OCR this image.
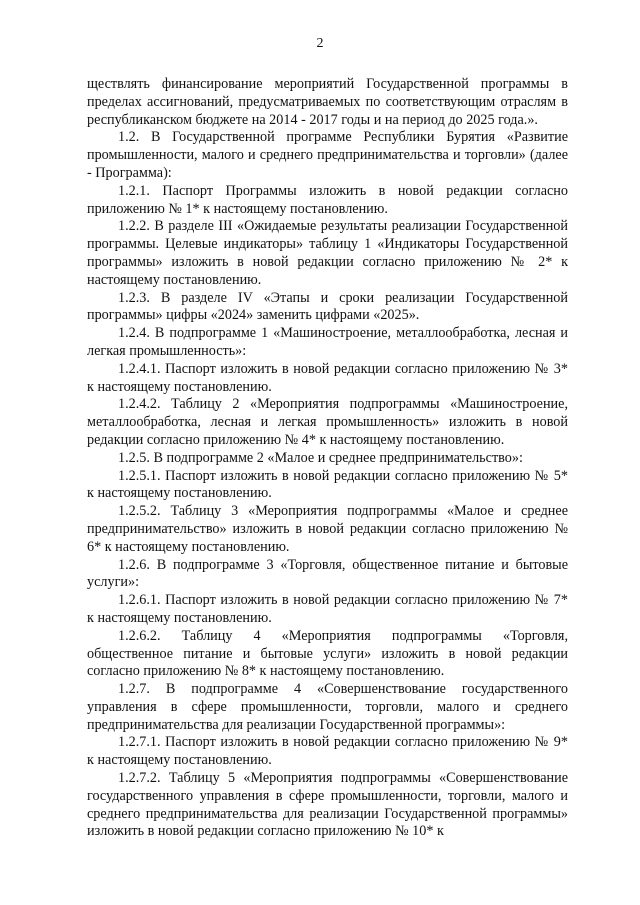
2

ществлять финансирование мероприятий Государственной программы в пределах ассигнований, предусматриваемых по соответствующим отраслям в республиканском бюджете на 2014 - 2017 годы и на период до 2025 года.».

1.2. В Государственной программе Республики Бурятия «Развитие промышленности, малого и среднего предпринимательства и торговли» (далее - Программа):

1.2.1. Паспорт Программы изложить в новой редакции согласно приложению № 1* к настоящему постановлению.

1.2.2. В разделе III «Ожидаемые результаты реализации Государственной программы. Целевые индикаторы» таблицу 1 «Индикаторы Государственной программы» изложить в новой редакции согласно приложению № 2* к настоящему постановлению.

1.2.3. В разделе IV «Этапы и сроки реализации Государственной программы» цифры «2024» заменить цифрами «2025».

1.2.4. В подпрограмме 1 «Машиностроение, металлообработка, лесная и легкая промышленность»:

1.2.4.1. Паспорт изложить в новой редакции согласно приложению № 3* к настоящему постановлению.

1.2.4.2. Таблицу 2 «Мероприятия подпрограммы «Машиностроение, металлообработка, лесная и легкая промышленность» изложить в новой редакции согласно приложению № 4* к настоящему постановлению.

1.2.5. В подпрограмме 2 «Малое и среднее предпринимательство»:

1.2.5.1. Паспорт изложить в новой редакции согласно приложению № 5* к настоящему постановлению.

1.2.5.2. Таблицу 3 «Мероприятия подпрограммы «Малое и среднее предпринимательство» изложить в новой редакции согласно приложению № 6* к настоящему постановлению.

1.2.6. В подпрограмме 3 «Торговля, общественное питание и бытовые услуги»:

1.2.6.1. Паспорт изложить в новой редакции согласно приложению № 7* к настоящему постановлению.

1.2.6.2. Таблицу 4 «Мероприятия подпрограммы «Торговля, общественное питание и бытовые услуги» изложить в новой редакции согласно приложению № 8* к настоящему постановлению.

1.2.7. В подпрограмме 4 «Совершенствование государственного управления в сфере промышленности, торговли, малого и среднего предпринимательства для реализации Государственной программы»:

1.2.7.1. Паспорт изложить в новой редакции согласно приложению № 9* к настоящему постановлению.

1.2.7.2. Таблицу 5 «Мероприятия подпрограммы «Совершенствование государственного управления в сфере промышленности, торговли, малого и среднего предпринимательства для реализации Государственной программы» изложить в новой редакции согласно приложению № 10* к
